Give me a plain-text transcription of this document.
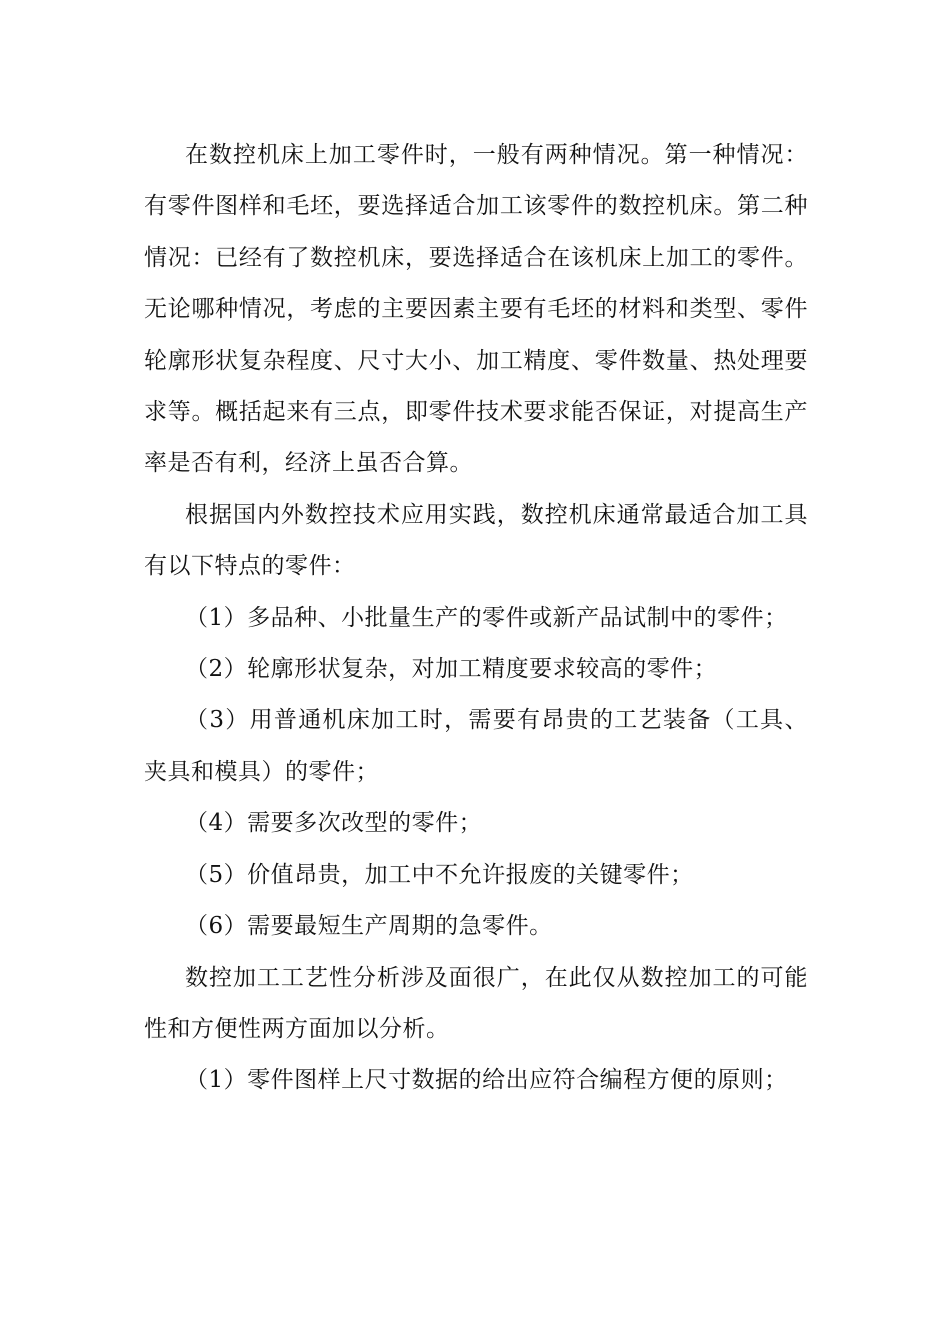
在数控机床上加工零件时，一般有两种情况。第一种情况：有零件图样和毛坯，要选择适合加工该零件的数控机床。第二种情况：已经有了数控机床，要选择适合在该机床上加工的零件。无论哪种情况，考虑的主要因素主要有毛坯的材料和类型、零件轮廓形状复杂程度、尺寸大小、加工精度、零件数量、热处理要求等。概括起来有三点，即零件技术要求能否保证，对提高生产率是否有利，经济上虽否合算。

根据国内外数控技术应用实践，数控机床通常最适合加工具有以下特点的零件：

（1）多品种、小批量生产的零件或新产品试制中的零件；

（2）轮廓形状复杂，对加工精度要求较高的零件；

（3）用普通机床加工时，需要有昂贵的工艺装备（工具、夹具和模具）的零件；

（4）需要多次改型的零件；

（5）价值昂贵，加工中不允许报废的关键零件；

（6）需要最短生产周期的急零件。

数控加工工艺性分析涉及面很广，在此仅从数控加工的可能性和方便性两方面加以分析。

（1）零件图样上尺寸数据的给出应符合编程方便的原则；
